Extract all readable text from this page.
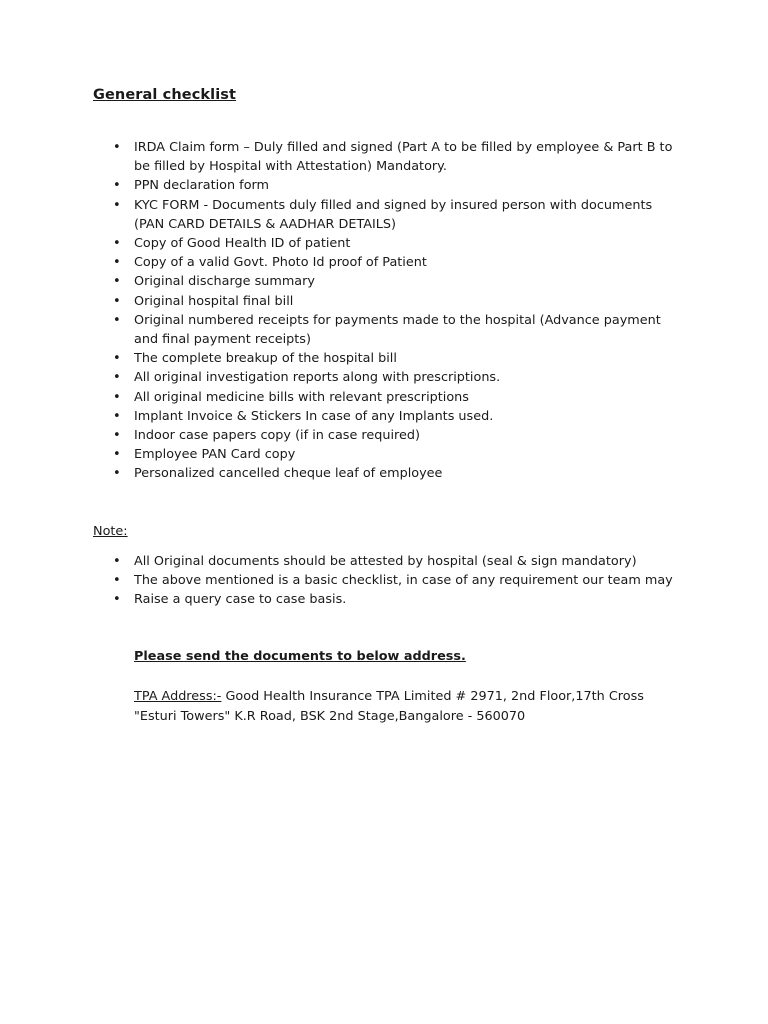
General checklist
• IRDA Claim form – Duly filled and signed (Part A to be filled by employee & Part B to be filled by Hospital with Attestation) Mandatory.
• PPN declaration form
• KYC FORM - Documents duly filled and signed by insured person with documents (PAN CARD DETAILS & AADHAR DETAILS)
• Copy of Good Health ID of patient
• Copy of a valid Govt. Photo Id proof of Patient
• Original discharge summary
• Original hospital final bill
• Original numbered receipts for payments made to the hospital (Advance payment and final payment receipts)
• The complete breakup of the hospital bill
• All original investigation reports along with prescriptions.
• All original medicine bills with relevant prescriptions
• Implant Invoice & Stickers In case of any Implants used.
• Indoor case papers copy (if in case required)
• Employee PAN Card copy
• Personalized cancelled cheque leaf of employee
Note:
• All Original documents should be attested by hospital (seal & sign mandatory)
• The above mentioned is a basic checklist, in case of any requirement our team may
• Raise a query case to case basis.
Please send the documents to below address.
TPA Address:- Good Health Insurance TPA Limited # 2971, 2nd Floor,17th Cross
"Esturi Towers" K.R Road, BSK 2nd Stage,Bangalore - 560070
